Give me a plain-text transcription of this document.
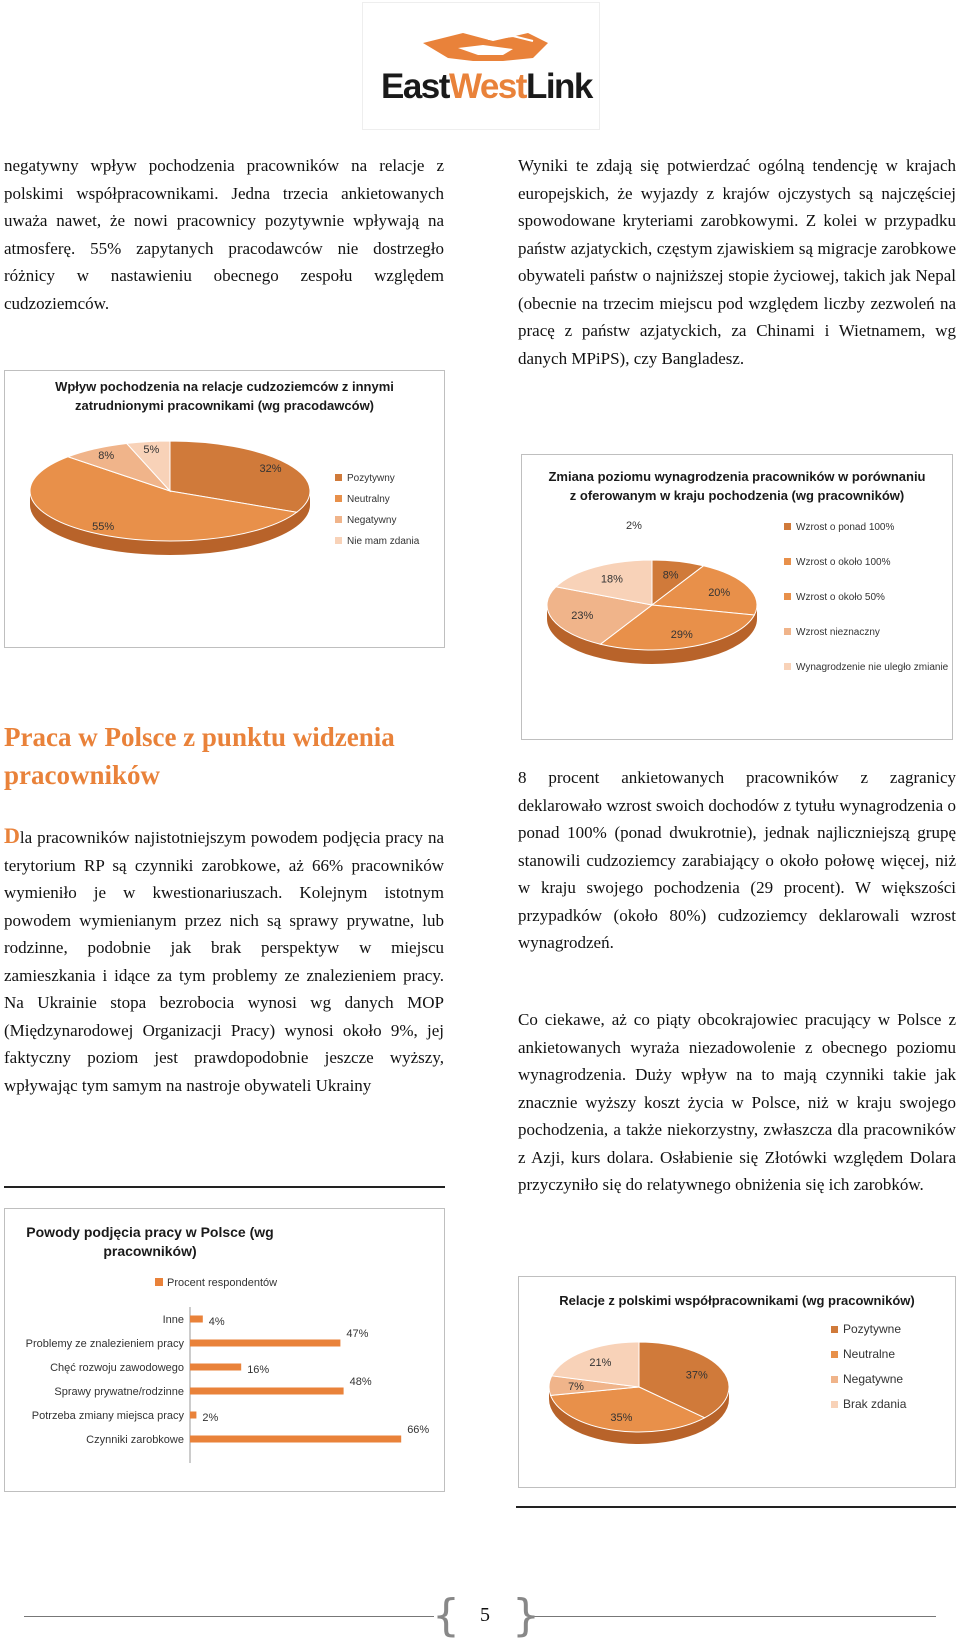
EastWestLink

negatywny wpływ pochodzenia pracowników na relacje z polskimi współpracownikami. Jedna trzecia ankietowanych uważa nawet, że nowi pracownicy pozytywnie wpływają na atmosferę. 55% zapytanych pracodawców nie dostrzegło różnicy w nastawieniu obecnego zespołu względem cudzoziemców.

Wyniki te zdają się potwierdzać ogólną tendencję w krajach europejskich, że wyjazdy z krajów ojczystych są najczęściej spowodowane kryteriami zarobkowymi. Z kolei w przypadku państw azjatyckich, częstym zjawiskiem są migracje zarobkowe obywateli państw o najniższej stopie życiowej, takich jak Nepal (obecnie na trzecim miejscu pod względem liczby zezwoleń na pracę z państw azjatyckich, za Chinami i Wietnamem, wg danych MPiPS), czy Bangladesz.

Wpływ pochodzenia na relacje cudzoziemców z innymi zatrudnionymi pracownikami (wg pracodawców)

32%
55%
8%
5%
Pozytywny
Neutralny
Negatywny
Nie mam zdania

Zmiana poziomu wynagrodzenia pracowników w porównaniu z oferowanym w kraju pochodzenia (wg pracowników)

8%
20%
29%
23%
18%
Wzrost o ponad 100%
Wzrost o około 100%
Wzrost o około 50%
Wzrost nieznaczny
Wynagrodzenie nie uległo zmianie
2%
Praca w Polsce z punktu widzenia pracowników

Dla pracowników najistotniejszym powodem podjęcia pracy na terytorium RP są czynniki zarobkowe, aż 66% pracowników wymieniło je w kwestionariuszach. Kolejnym istotnym powodem wymienianym przez nich są sprawy prywatne, lub rodzinne, podobnie jak brak perspektyw w miejscu zamieszkania i idące za tym problemy ze znalezieniem pracy. Na Ukrainie stopa bezrobocia wynosi wg danych MOP (Międzynarodowej Organizacji Pracy) wynosi około 9%, jej faktyczny poziom jest prawdopodobnie jeszcze wyższy, wpływając tym samym na nastroje obywateli Ukrainy

8 procent ankietowanych pracowników z zagranicy deklarowało wzrost swoich dochodów z tytułu wynagrodzenia o ponad 100% (ponad dwukrotnie), jednak najliczniejszą grupę stanowili cudzoziemcy zarabiający o około połowę więcej, niż w kraju swojego pochodzenia (29 procent). W większości przypadków (około 80%) cudzoziemcy deklarowali wzrost wynagrodzeń.

Co ciekawe, aż co piąty obcokrajowiec pracujący w Polsce z ankietowanych wyraża niezadowolenie z obecnego poziomu wynagrodzenia. Duży wpływ na to mają czynniki takie jak znacznie wyższy koszt życia w Polsce, niż w kraju swojego pochodzenia, a także niekorzystny, zwłaszcza dla pracowników z Azji, kurs dolara. Osłabienie się Złotówki względem Dolara przyczyniło się do relatywnego obniżenia się ich zarobków.

Powody podjęcia pracy w Polsce (wg pracowników)

Procent respondentów
Inne 4%
Problemy ze znalezieniem pracy
47%
Chęć rozwoju zawodowego	16%
Sprawy prywatne/rodzinne
48%
Potrzeba zmiany miejsca pracy 2%
Czynniki zarobkowe
66%

Relacje z polskimi współpracownikami (wg pracowników)

37%
35%
7%
21%
Pozytywne
Neutralne
Negatywne
Brak zdania
{ }
5
